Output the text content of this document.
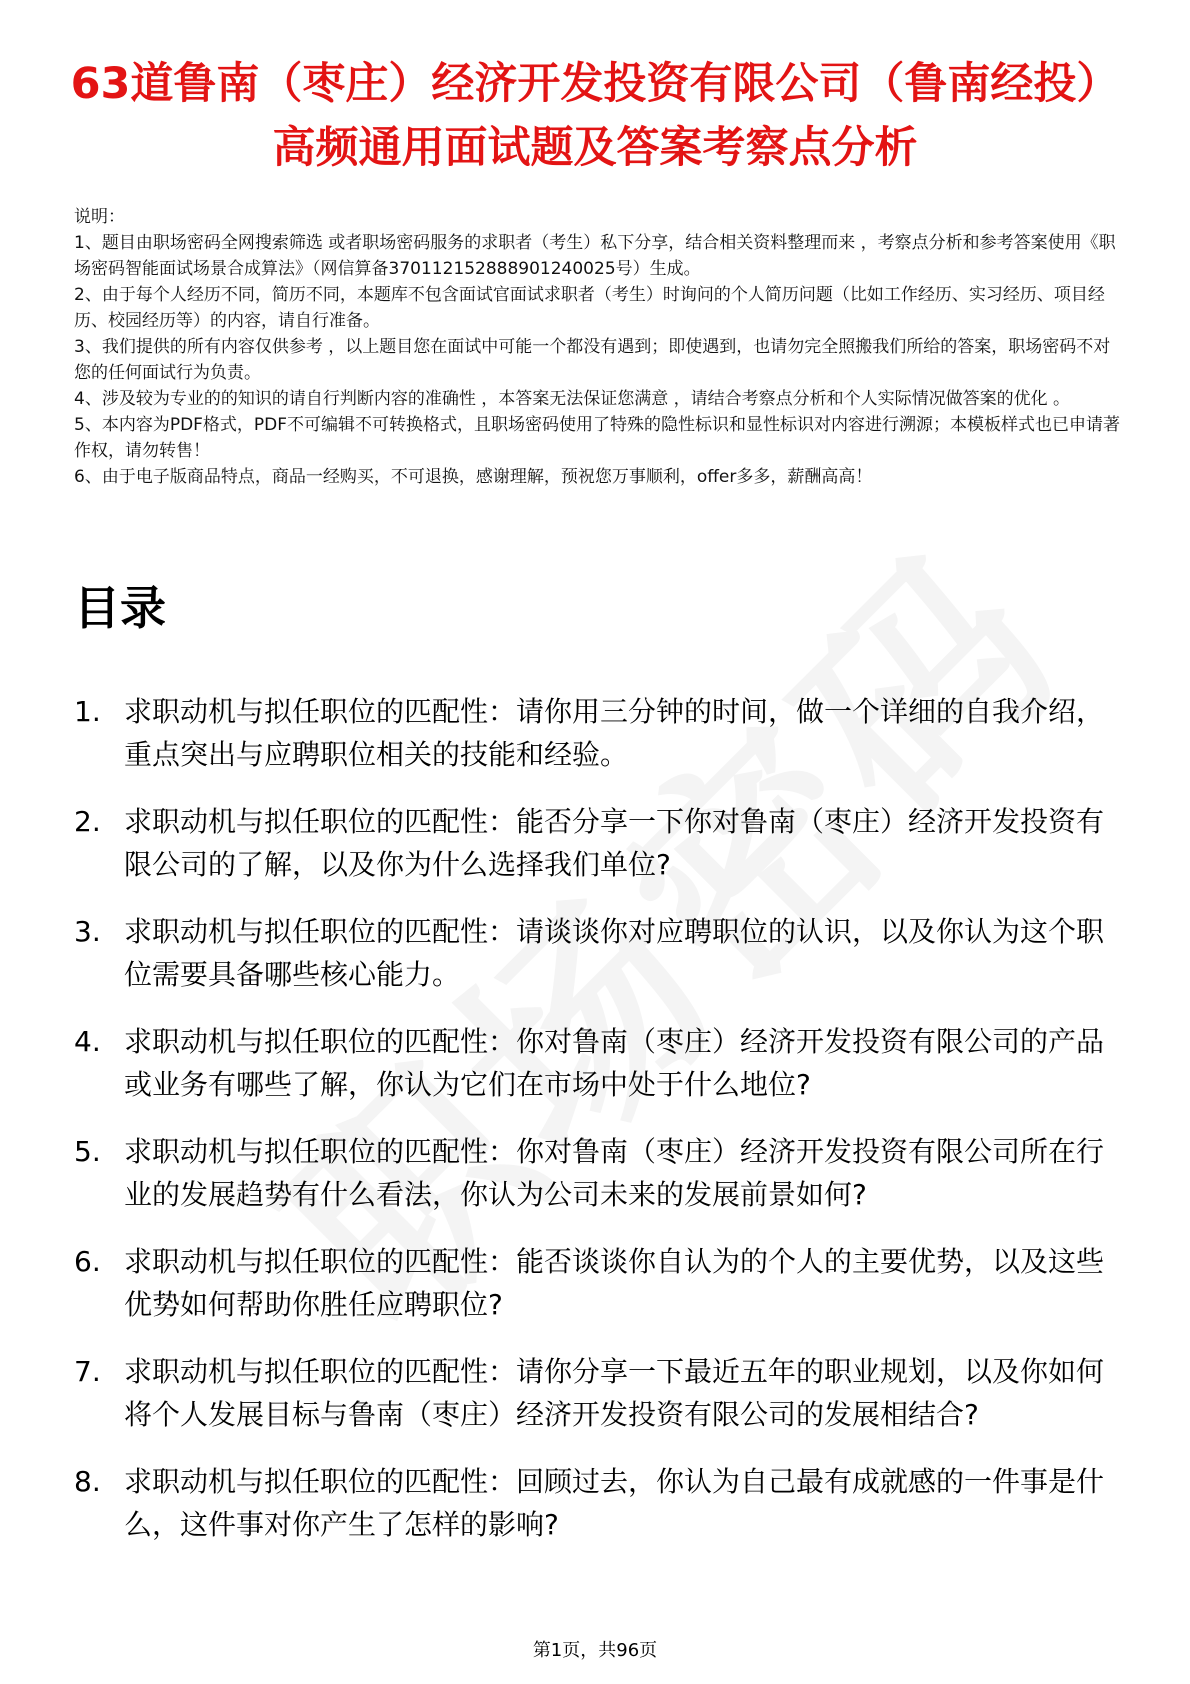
63道鲁南（枣庄）经济开发投资有限公司（鲁南经投）高频通用面试题及答案考察点分析
说明：
1、题目由职场密码全网搜索筛选 或者职场密码服务的求职者（考生）私下分享，结合相关资料整理而来 ，考察点分析和参考答案使用《职场密码智能面试场景合成算法》（网信算备370112152888901240025号）生成。
2、由于每个人经历不同，简历不同，本题库不包含面试官面试求职者（考生）时询问的个人简历问题（比如工作经历、实习经历、项目经历、校园经历等）的内容，请自行准备。
3、我们提供的所有内容仅供参考 ，以上题目您在面试中可能一个都没有遇到；即使遇到，也请勿完全照搬我们所给的答案，职场密码不对您的任何面试行为负责。
4、涉及较为专业的的知识的请自行判断内容的准确性 ，本答案无法保证您满意 ，请结合考察点分析和个人实际情况做答案的优化 。
5、本内容为PDF格式，PDF不可编辑不可转换格式，且职场密码使用了特殊的隐性标识和显性标识对内容进行溯源；本模板样式也已申请著作权，请勿转售！
6、由于电子版商品特点，商品一经购买，不可退换，感谢理解，预祝您万事顺利，offer多多，薪酬高高！
目录
1. 求职动机与拟任职位的匹配性：请你用三分钟的时间，做一个详细的自我介绍，重点突出与应聘职位相关的技能和经验。
2. 求职动机与拟任职位的匹配性：能否分享一下你对鲁南（枣庄）经济开发投资有限公司的了解，以及你为什么选择我们单位?
3. 求职动机与拟任职位的匹配性：请谈谈你对应聘职位的认识，以及你认为这个职位需要具备哪些核心能力。
4. 求职动机与拟任职位的匹配性：你对鲁南（枣庄）经济开发投资有限公司的产品或业务有哪些了解，你认为它们在市场中处于什么地位?
5. 求职动机与拟任职位的匹配性：你对鲁南（枣庄）经济开发投资有限公司所在行业的发展趋势有什么看法，你认为公司未来的发展前景如何?
6. 求职动机与拟任职位的匹配性：能否谈谈你自认为的个人的主要优势，以及这些优势如何帮助你胜任应聘职位?
7. 求职动机与拟任职位的匹配性：请你分享一下最近五年的职业规划，以及你如何将个人发展目标与鲁南（枣庄）经济开发投资有限公司的发展相结合?
8. 求职动机与拟任职位的匹配性：回顾过去，你认为自己最有成就感的一件事是什么，这件事对你产生了怎样的影响?
第1页，共96页
